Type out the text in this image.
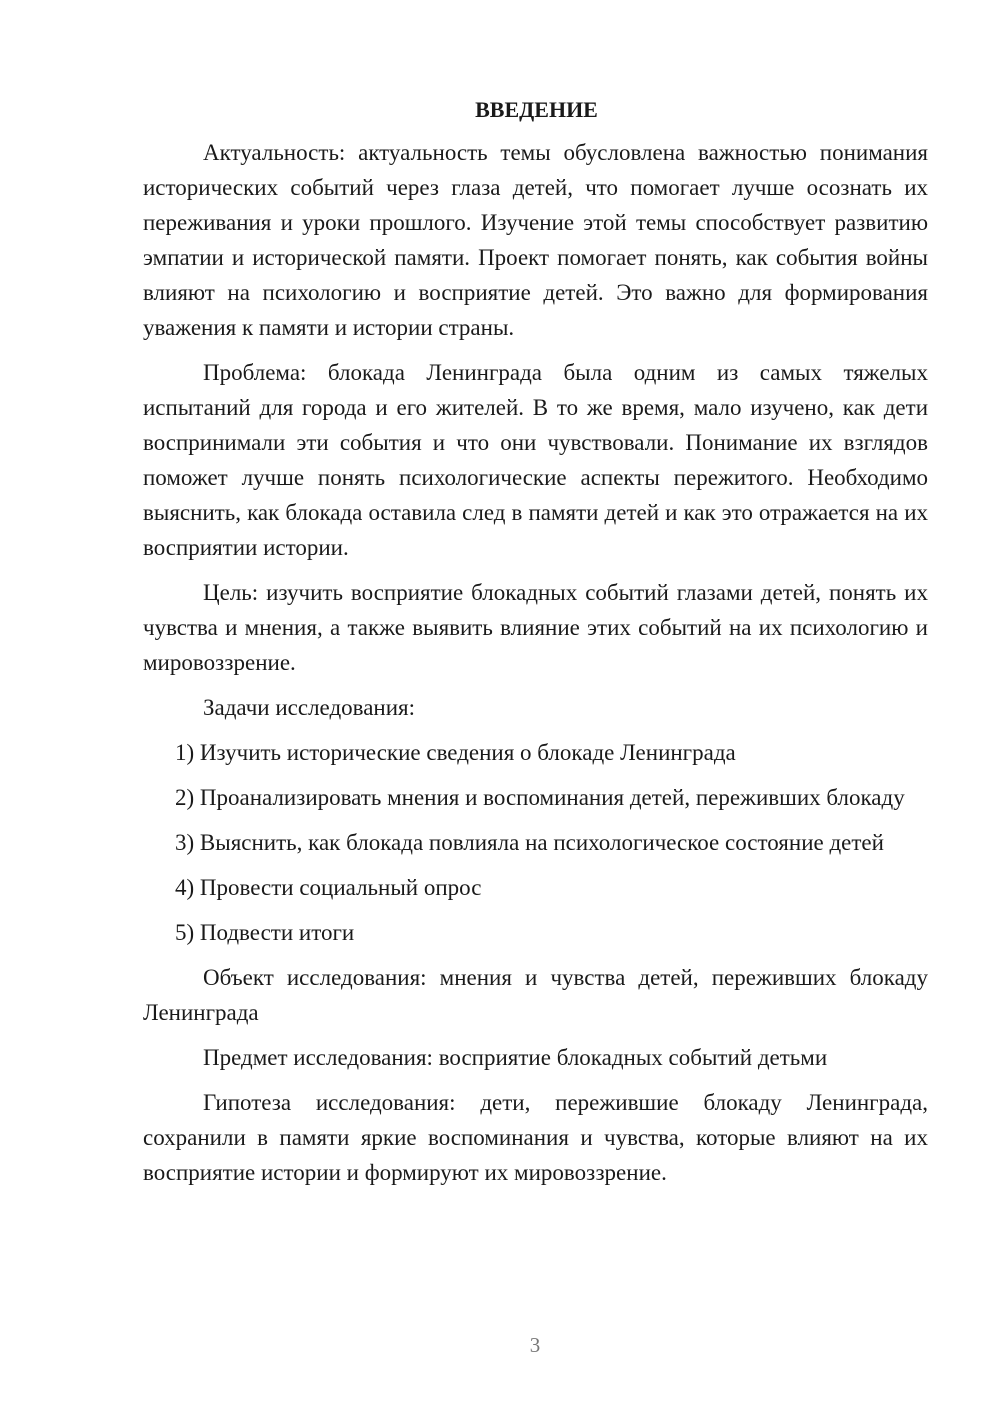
ВВЕДЕНИЕ

Актуальность: актуальность темы обусловлена важностью понимания исторических событий через глаза детей, что помогает лучше осознать их переживания и уроки прошлого. Изучение этой темы способствует развитию эмпатии и исторической памяти. Проект помогает понять, как события войны влияют на психологию и восприятие детей. Это важно для формирования уважения к памяти и истории страны.

Проблема: блокада Ленинграда была одним из самых тяжелых испытаний для города и его жителей. В то же время, мало изучено, как дети воспринимали эти события и что они чувствовали. Понимание их взглядов поможет лучше понять психологические аспекты пережитого. Необходимо выяснить, как блокада оставила след в памяти детей и как это отражается на их восприятии истории.

Цель: изучить восприятие блокадных событий глазами детей, понять их чувства и мнения, а также выявить влияние этих событий на их психологию и мировоззрение.

Задачи исследования:

1) Изучить исторические сведения о блокаде Ленинграда

2) Проанализировать мнения и воспоминания детей, переживших блокаду

3) Выяснить, как блокада повлияла на психологическое состояние детей

4) Провести социальный опрос

5) Подвести итоги

Объект исследования: мнения и чувства детей, переживших блокаду Ленинграда

Предмет исследования: восприятие блокадных событий детьми

Гипотеза исследования: дети, пережившие блокаду Ленинграда, сохранили в памяти яркие воспоминания и чувства, которые влияют на их восприятие истории и формируют их мировоззрение.

3
